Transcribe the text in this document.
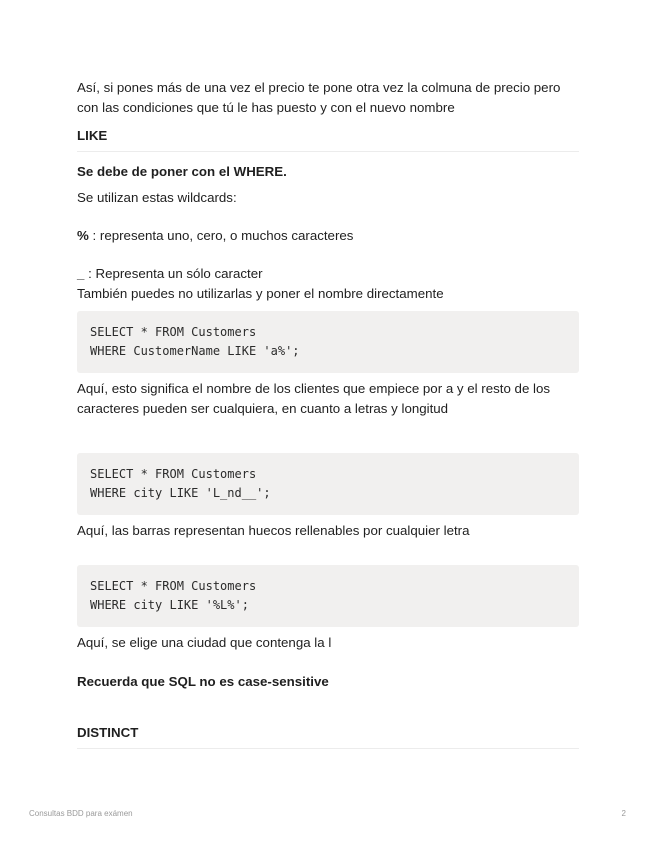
Así, si pones más de una vez el precio te pone otra vez la colmuna de precio pero con las condiciones que tú le has puesto y con el nuevo nombre

LIKE

Se debe de poner con el WHERE.

Se utilizan estas wildcards:

% : representa uno, cero, o muchos caracteres

_ : Representa un sólo caracter

También puedes no utilizarlas y poner el nombre directamente

SELECT * FROM Customers
WHERE CustomerName LIKE 'a%';

Aquí, esto significa el nombre de los clientes que empiece por a y el resto de los caracteres pueden ser cualquiera, en cuanto a letras y longitud

SELECT * FROM Customers
WHERE city LIKE 'L_nd__';

Aquí, las barras representan huecos rellenables por cualquier letra

SELECT * FROM Customers
WHERE city LIKE '%L%';

Aquí, se elige una ciudad que contenga la l

Recuerda que SQL no es case-sensitive

DISTINCT

Consultas BDD para exámen	2
